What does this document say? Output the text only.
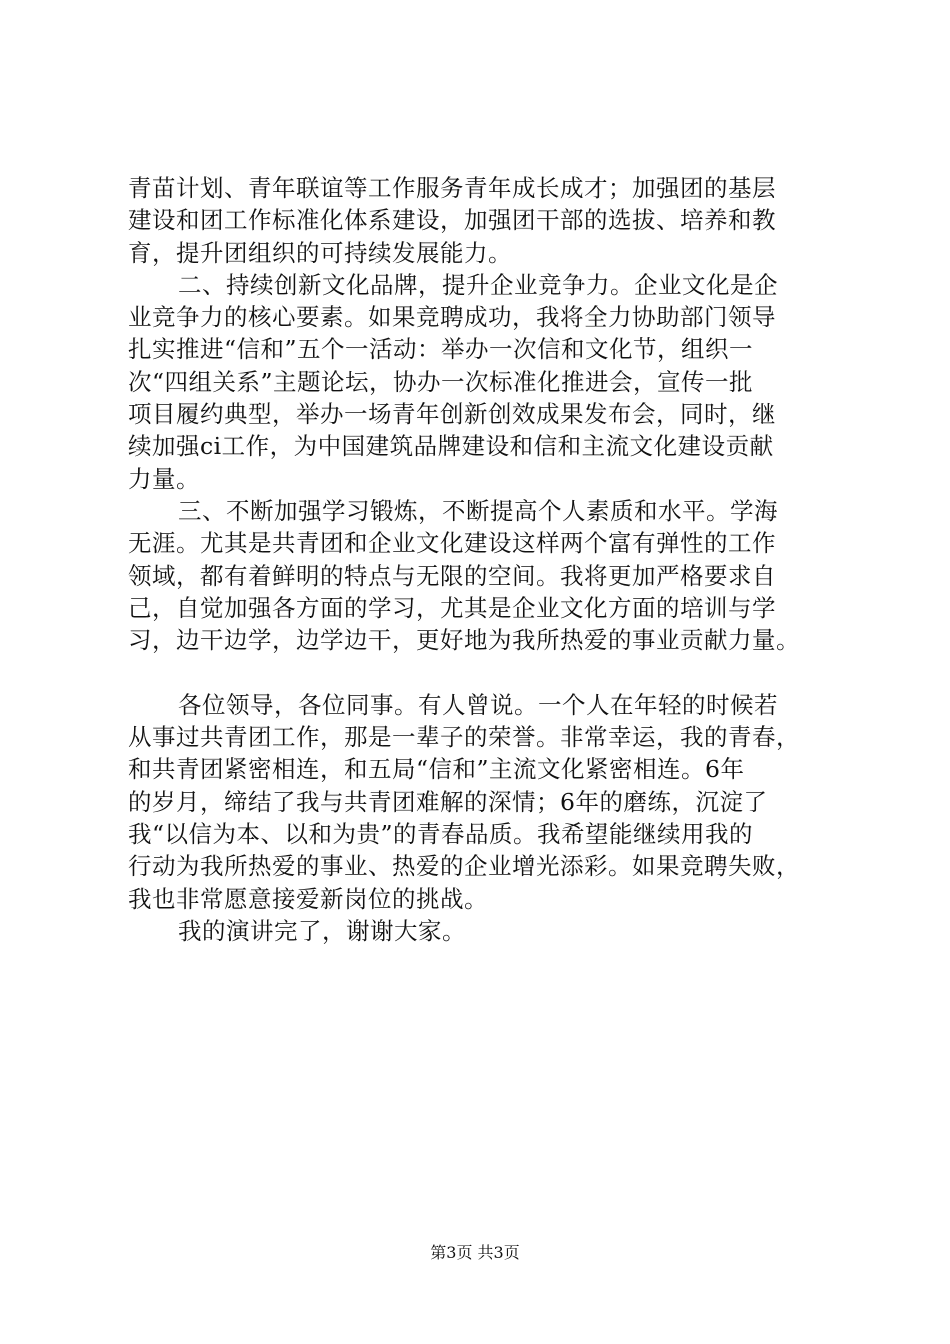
青苗计划、青年联谊等工作服务青年成长成才；加强团的基层
建设和团工作标准化体系建设，加强团干部的选拔、培养和教
育，提升团组织的可持续发展能力。
二、持续创新文化品牌，提升企业竞争力。企业文化是企
业竞争力的核心要素。如果竞聘成功，我将全力协助部门领导
扎实推进“信和”五个一活动：举办一次信和文化节，组织一
次“四组关系”主题论坛，协办一次标准化推进会，宣传一批
项目履约典型，举办一场青年创新创效成果发布会，同时，继
续加强ci工作，为中国建筑品牌建设和信和主流文化建设贡献
力量。
三、不断加强学习锻炼，不断提高个人素质和水平。学海
无涯。尤其是共青团和企业文化建设这样两个富有弹性的工作
领域，都有着鲜明的特点与无限的空间。我将更加严格要求自
己，自觉加强各方面的学习，尤其是企业文化方面的培训与学
习，边干边学，边学边干，更好地为我所热爱的事业贡献力量。
各位领导，各位同事。有人曾说。一个人在年轻的时候若
从事过共青团工作，那是一辈子的荣誉。非常幸运，我的青春，
和共青团紧密相连，和五局“信和”主流文化紧密相连。6年
的岁月，缔结了我与共青团难解的深情；6年的磨练，沉淀了
我“以信为本、以和为贵”的青春品质。我希望能继续用我的
行动为我所热爱的事业、热爱的企业增光添彩。如果竞聘失败，
我也非常愿意接爱新岗位的挑战。
我的演讲完了，谢谢大家。
第3页 共3页
